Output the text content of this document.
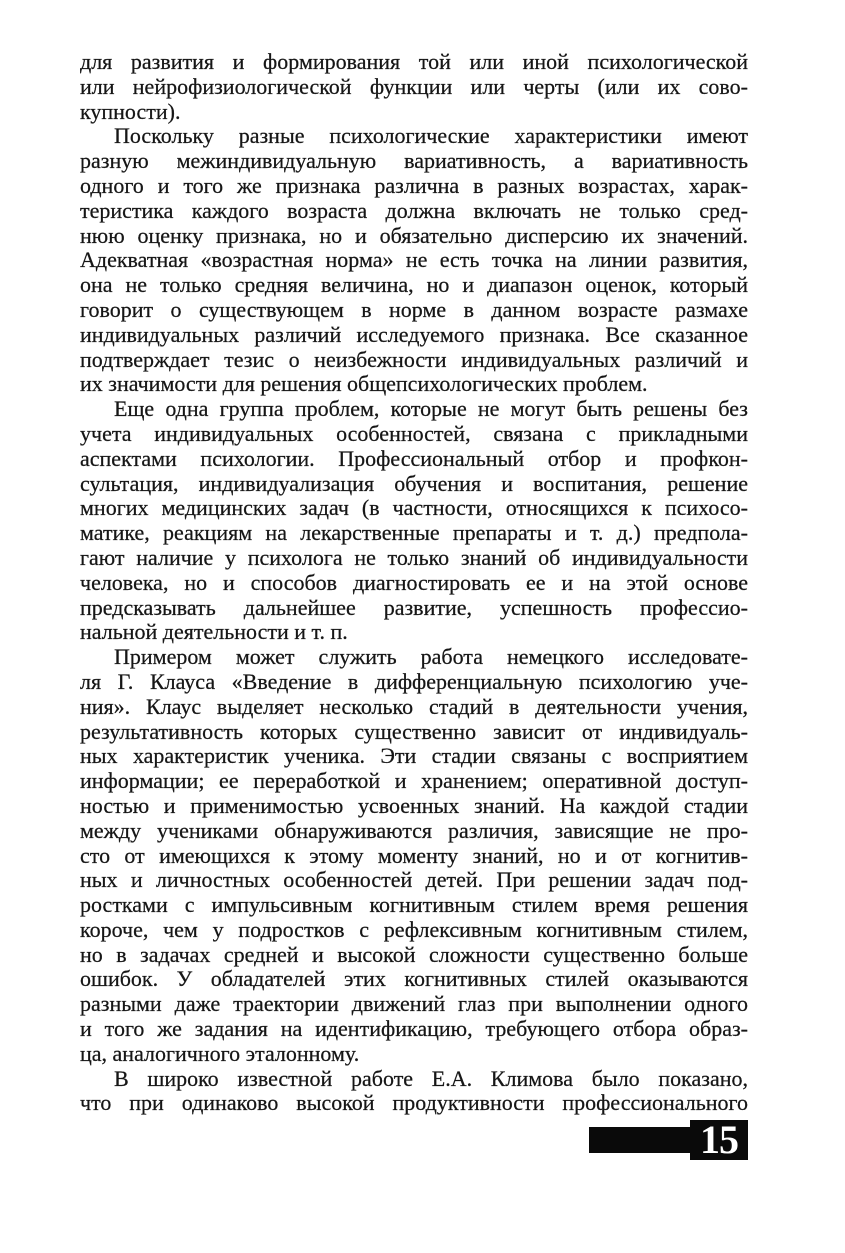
для развития и формирования той или иной психологической
или нейрофизиологической функции или черты (или их сово-
купности).
Поскольку разные психологические характеристики имеют
разную межиндивидуальную вариативность, а вариативность
одного и того же признака различна в разных возрастах, харак-
теристика каждого возраста должна включать не только сред-
нюю оценку признака, но и обязательно дисперсию их значений.
Адекватная «возрастная норма» не есть точка на линии развития,
она не только средняя величина, но и диапазон оценок, который
говорит о существующем в норме в данном возрасте размахе
индивидуальных различий исследуемого признака. Все сказанное
подтверждает тезис о неизбежности индивидуальных различий и
их значимости для решения общепсихологических проблем.
Еще одна группа проблем, которые не могут быть решены без
учета индивидуальных особенностей, связана с прикладными
аспектами психологии. Профессиональный отбор и профкон-
сультация, индивидуализация обучения и воспитания, решение
многих медицинских задач (в частности, относящихся к психосо-
матике, реакциям на лекарственные препараты и т. д.) предпола-
гают наличие у психолога не только знаний об индивидуальности
человека, но и способов диагностировать ее и на этой основе
предсказывать дальнейшее развитие, успешность профессио-
нальной деятельности и т. п.
Примером может служить работа немецкого исследовате-
ля Г. Клауса «Введение в дифференциальную психологию уче-
ния». Клаус выделяет несколько стадий в деятельности учения,
результативность которых существенно зависит от индивидуаль-
ных характеристик ученика. Эти стадии связаны с восприятием
информации; ее переработкой и хранением; оперативной доступ-
ностью и применимостью усвоенных знаний. На каждой стадии
между учениками обнаруживаются различия, зависящие не про-
сто от имеющихся к этому моменту знаний, но и от когнитив-
ных и личностных особенностей детей. При решении задач под-
ростками с импульсивным когнитивным стилем время решения
короче, чем у подростков с рефлексивным когнитивным стилем,
но в задачах средней и высокой сложности существенно больше
ошибок. У обладателей этих когнитивных стилей оказываются
разными даже траектории движений глаз при выполнении одного
и того же задания на идентификацию, требующего отбора образ-
ца, аналогичного эталонному.
В широко известной работе Е.А. Климова было показано,
что при одинаково высокой продуктивности профессионального
15
